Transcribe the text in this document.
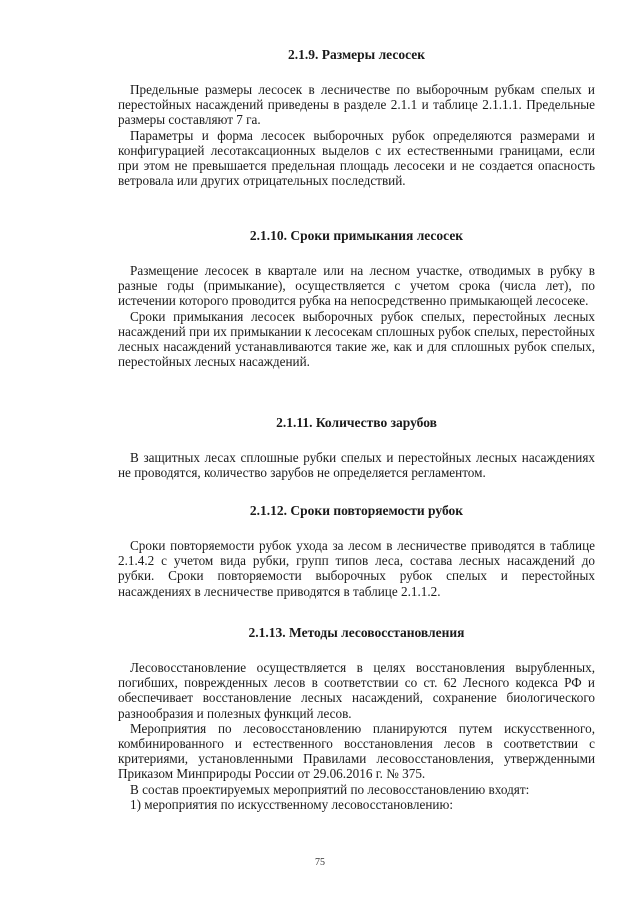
2.1.9. Размеры лесосек

Предельные размеры лесосек в лесничестве по выборочным рубкам спелых и перестойных насаждений приведены в разделе 2.1.1 и таблице 2.1.1.1. Предельные размеры составляют 7 га.

Параметры и форма лесосек выборочных рубок определяются размерами и конфигурацией лесотаксационных выделов с их естественными границами, если при этом не превышается предельная площадь лесосеки и не создается опасность ветровала или других отрицательных последствий.

2.1.10. Сроки примыкания лесосек

Размещение лесосек в квартале или на лесном участке, отводимых в рубку в разные годы (примыкание), осуществляется с учетом срока (числа лет), по истечении которого проводится рубка на непосредственно примыкающей лесосеке.

Сроки примыкания лесосек выборочных рубок спелых, перестойных лесных насаждений при их примыкании к лесосекам сплошных рубок спелых, перестойных лесных насаждений устанавливаются такие же, как и для сплошных рубок спелых, перестойных лесных насаждений.

2.1.11. Количество зарубов

В защитных лесах сплошные рубки спелых и перестойных лесных насаждениях не проводятся, количество зарубов не определяется регламентом.

2.1.12. Сроки повторяемости рубок

Сроки повторяемости рубок ухода за лесом в лесничестве приводятся в таблице 2.1.4.2 с учетом вида рубки, групп типов леса, состава лесных насаждений до рубки. Сроки повторяемости выборочных рубок спелых и перестойных насаждениях в лесничестве приводятся в таблице 2.1.1.2.

2.1.13. Методы лесовосстановления

Лесовосстановление осуществляется в целях восстановления вырубленных, погибших, поврежденных лесов в соответствии со ст. 62 Лесного кодекса РФ и обеспечивает восстановление лесных насаждений, сохранение биологического разнообразия и полезных функций лесов.

Мероприятия по лесовосстановлению планируются путем искусственного, комбинированного и естественного восстановления лесов в соответствии с критериями, установленными Правилами лесовосстановления, утвержденными Приказом Минприроды России от 29.06.2016 г. № 375.

В состав проектируемых мероприятий по лесовосстановлению входят:

1) мероприятия по искусственному лесовосстановлению:

75
